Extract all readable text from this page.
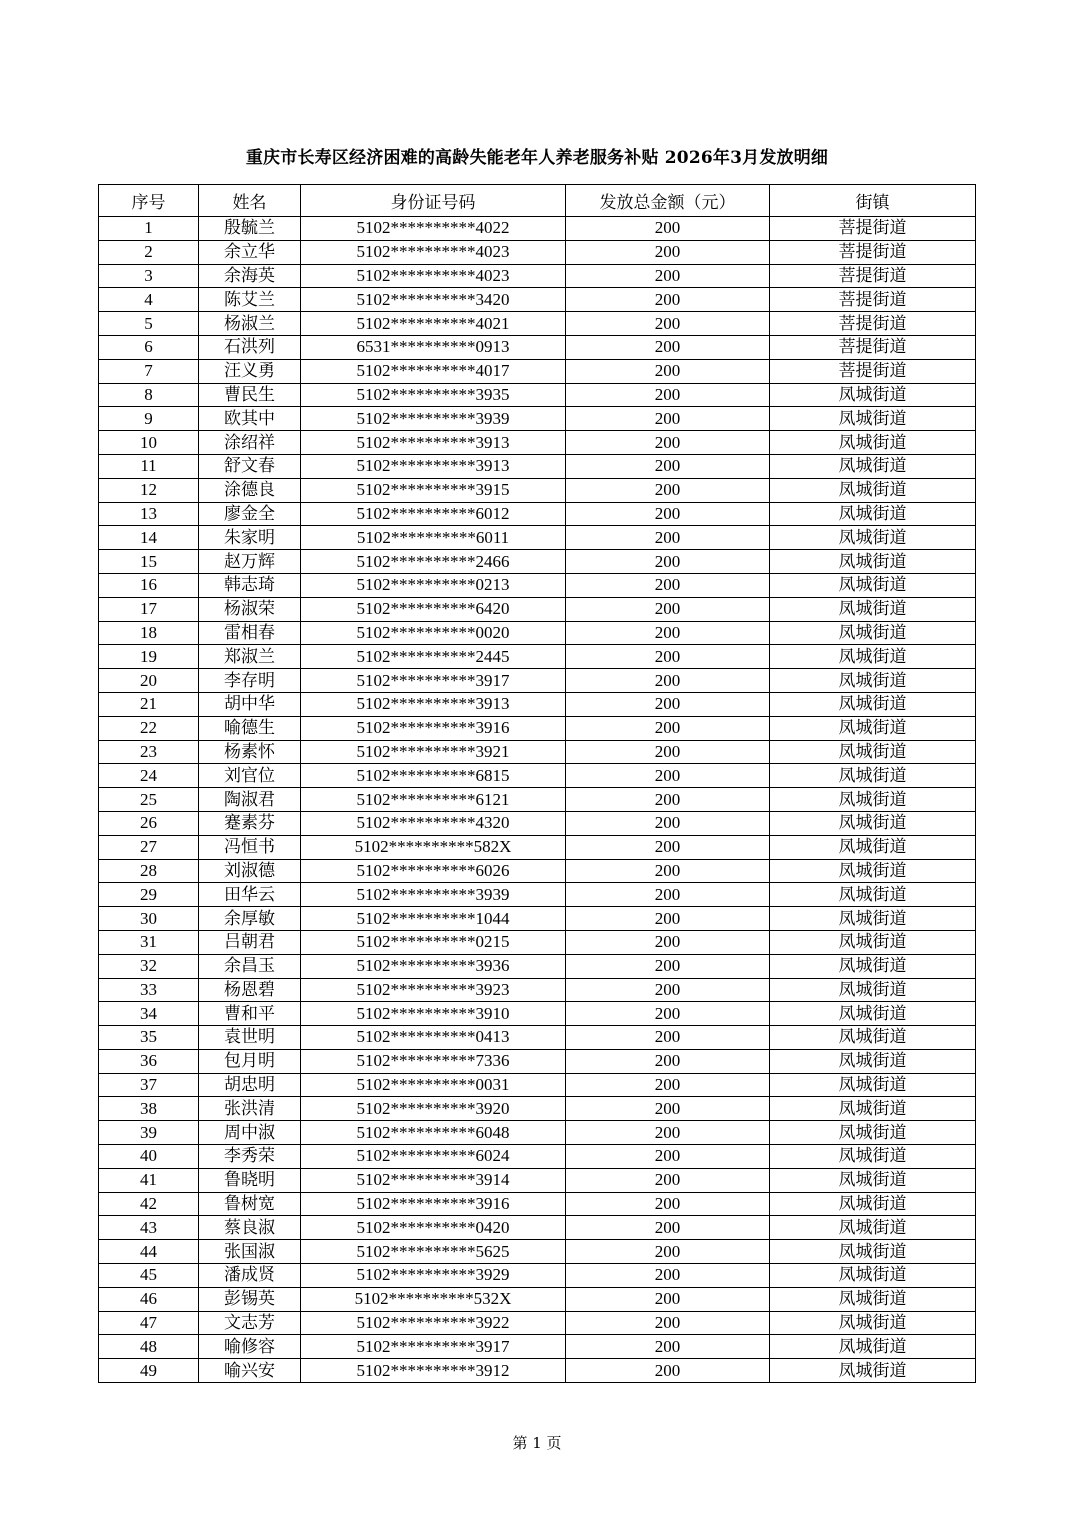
重庆市长寿区经济困难的高龄失能老年人养老服务补贴 2026年3月发放明细
序号	姓名	身份证号码	发放总金额（元）	街镇
1	殷毓兰	5102**********4022	200	菩提街道
2	余立华	5102**********4023	200	菩提街道
3	余海英	5102**********4023	200	菩提街道
4	陈艾兰	5102**********3420	200	菩提街道
5	杨淑兰	5102**********4021	200	菩提街道
6	石洪列	6531**********0913	200	菩提街道
7	汪义勇	5102**********4017	200	菩提街道
8	曹民生	5102**********3935	200	凤城街道
9	欧其中	5102**********3939	200	凤城街道
10	涂绍祥	5102**********3913	200	凤城街道
11	舒文春	5102**********3913	200	凤城街道
12	涂德良	5102**********3915	200	凤城街道
13	廖金全	5102**********6012	200	凤城街道
14	朱家明	5102**********6011	200	凤城街道
15	赵万辉	5102**********2466	200	凤城街道
16	韩志琦	5102**********0213	200	凤城街道
17	杨淑荣	5102**********6420	200	凤城街道
18	雷相春	5102**********0020	200	凤城街道
19	郑淑兰	5102**********2445	200	凤城街道
20	李存明	5102**********3917	200	凤城街道
21	胡中华	5102**********3913	200	凤城街道
22	喻德生	5102**********3916	200	凤城街道
23	杨素怀	5102**********3921	200	凤城街道
24	刘官位	5102**********6815	200	凤城街道
25	陶淑君	5102**********6121	200	凤城街道
26	蹇素芬	5102**********4320	200	凤城街道
27	冯恒书	5102**********582X	200	凤城街道
28	刘淑德	5102**********6026	200	凤城街道
29	田华云	5102**********3939	200	凤城街道
30	余厚敏	5102**********1044	200	凤城街道
31	吕朝君	5102**********0215	200	凤城街道
32	余昌玉	5102**********3936	200	凤城街道
33	杨恩碧	5102**********3923	200	凤城街道
34	曹和平	5102**********3910	200	凤城街道
35	袁世明	5102**********0413	200	凤城街道
36	包月明	5102**********7336	200	凤城街道
37	胡忠明	5102**********0031	200	凤城街道
38	张洪清	5102**********3920	200	凤城街道
39	周中淑	5102**********6048	200	凤城街道
40	李秀荣	5102**********6024	200	凤城街道
41	鲁晓明	5102**********3914	200	凤城街道
42	鲁树宽	5102**********3916	200	凤城街道
43	蔡良淑	5102**********0420	200	凤城街道
44	张国淑	5102**********5625	200	凤城街道
45	潘成贤	5102**********3929	200	凤城街道
46	彭锡英	5102**********532X	200	凤城街道
47	文志芳	5102**********3922	200	凤城街道
48	喻修容	5102**********3917	200	凤城街道
49	喻兴安	5102**********3912	200	凤城街道
第 1 页
